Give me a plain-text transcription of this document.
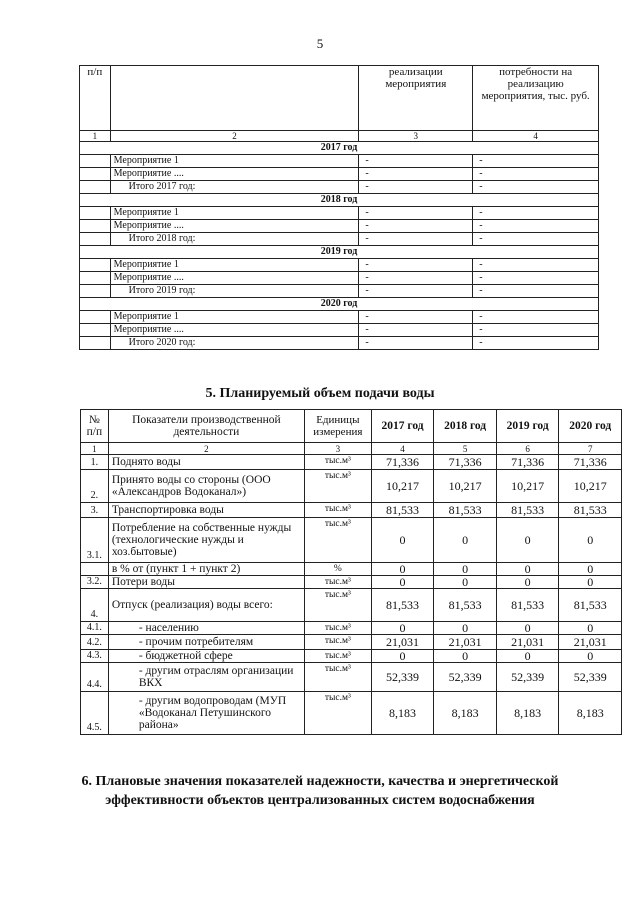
5
п/п		реализации мероприятия	потребности на реализацию мероприятия, тыс. руб.
1	2	3	4
2017 год			
	Мероприятие 1	-	-
	Мероприятие ....	-	-
	Итого 2017 год:	-	-
2018 год			
	Мероприятие 1	-	-
	Мероприятие ....	-	-
	Итого 2018 год:	-	-
2019 год			
	Мероприятие 1	-	-
	Мероприятие ....	-	-
	Итого 2019 год:	-	-
2020 год			
	Мероприятие 1	-	-
	Мероприятие ....	-	-
	Итого 2020 год:	-	-
5. Планируемый объем подачи воды
№ п/п	Показатели производственной деятельности	Единицы измерения	2017 год	2018 год	2019 год	2020 год
1	2	3	4	5	6	7
1.	Поднято воды	тыс.м³	71,336	71,336	71,336	71,336
2.	Принято воды со стороны (ООО «Александров Водоканал»)	тыс.м³	10,217	10,217	10,217	10,217
3.	Транспортировка воды	тыс.м³	81,533	81,533	81,533	81,533
3.1.	Потребление на собственные нужды (технологические нужды и хоз.бытовые)	тыс.м³	0	0	0	0
	в % от (пункт 1 + пункт 2)	%	0	0	0	0
3.2.	Потери воды	тыс.м³	0	0	0	0
4.	Отпуск (реализация) воды всего:	тыс.м³	81,533	81,533	81,533	81,533
4.1.	- населению	тыс.м³	0	0	0	0
4.2.	- прочим потребителям	тыс.м³	21,031	21,031	21,031	21,031
4.3.	- бюджетной сфере	тыс.м³	0	0	0	0
4.4.	- другим отраслям организации ВКХ	тыс.м³	52,339	52,339	52,339	52,339
4.5.	- другим водопроводам (МУП «Водоканал Петушинского района»	тыс.м³	8,183	8,183	8,183	8,183
6. Плановые значения показателей надежности, качества и энергетической эффективности объектов централизованных систем водоснабжения
